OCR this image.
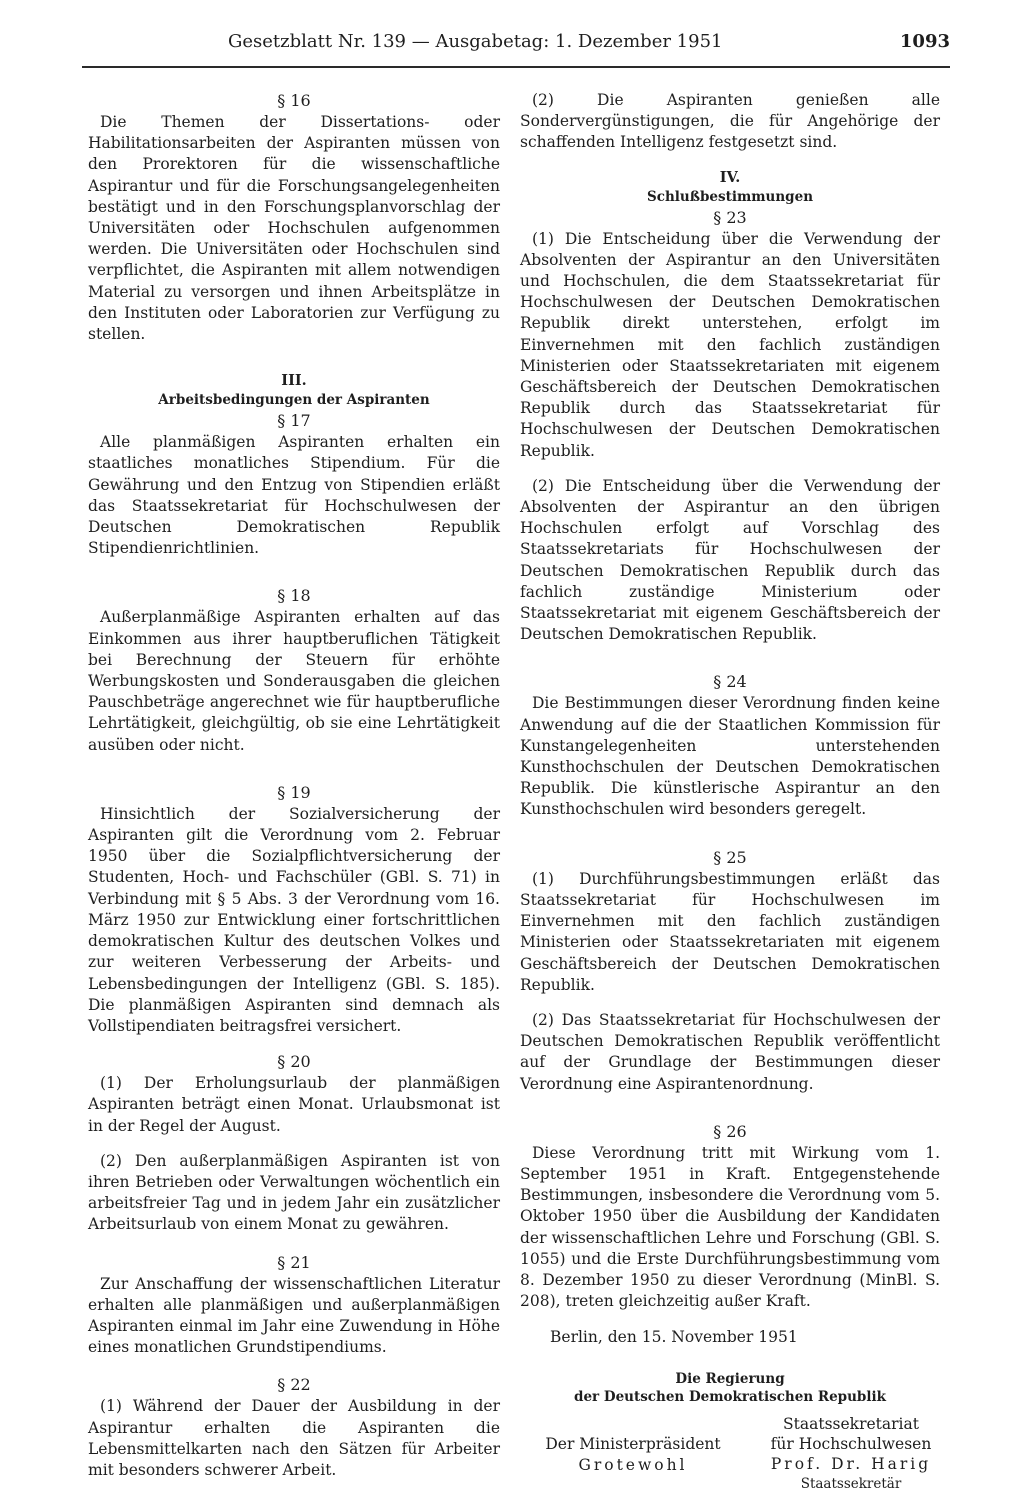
Gesetzblatt Nr. 139 — Ausgabetag: 1. Dezember 1951	1093

§ 16

Die Themen der Dissertations- oder Habilitationsarbeiten der Aspiranten müssen von den Prorektoren für die wissenschaftliche Aspirantur und für die Forschungsangelegenheiten bestätigt und in den Forschungsplanvorschlag der Universitäten oder Hochschulen aufgenommen werden. Die Universitäten oder Hochschulen sind verpflichtet, die Aspiranten mit allem notwendigen Material zu versorgen und ihnen Arbeitsplätze in den Instituten oder Laboratorien zur Verfügung zu stellen.

III.

Arbeitsbedingungen der Aspiranten

§ 17

Alle planmäßigen Aspiranten erhalten ein staatliches monatliches Stipendium. Für die Gewährung und den Entzug von Stipendien erläßt das Staatssekretariat für Hochschulwesen der Deutschen Demokratischen Republik Stipendienrichtlinien.

§ 18

Außerplanmäßige Aspiranten erhalten auf das Einkommen aus ihrer hauptberuflichen Tätigkeit bei Berechnung der Steuern für erhöhte Werbungskosten und Sonderausgaben die gleichen Pauschbeträge angerechnet wie für hauptberufliche Lehrtätigkeit, gleichgültig, ob sie eine Lehrtätigkeit ausüben oder nicht.

§ 19

Hinsichtlich der Sozialversicherung der Aspiranten gilt die Verordnung vom 2. Februar 1950 über die Sozialpflichtversicherung der Studenten, Hoch- und Fachschüler (GBl. S. 71) in Verbindung mit § 5 Abs. 3 der Verordnung vom 16. März 1950 zur Entwicklung einer fortschrittlichen demokratischen Kultur des deutschen Volkes und zur weiteren Verbesserung der Arbeits- und Lebensbedingungen der Intelligenz (GBl. S. 185). Die planmäßigen Aspiranten sind demnach als Vollstipendiaten beitragsfrei versichert.

§ 20

(1) Der Erholungsurlaub der planmäßigen Aspiranten beträgt einen Monat. Urlaubsmonat ist in der Regel der August.

(2) Den außerplanmäßigen Aspiranten ist von ihren Betrieben oder Verwaltungen wöchentlich ein arbeitsfreier Tag und in jedem Jahr ein zusätzlicher Arbeitsurlaub von einem Monat zu gewähren.

§ 21

Zur Anschaffung der wissenschaftlichen Literatur erhalten alle planmäßigen und außerplanmäßigen Aspiranten einmal im Jahr eine Zuwendung in Höhe eines monatlichen Grundstipendiums.

§ 22

(1) Während der Dauer der Ausbildung in der Aspirantur erhalten die Aspiranten die Lebensmittelkarten nach den Sätzen für Arbeiter mit besonders schwerer Arbeit.

(2) Die Aspiranten genießen alle Sondervergünstigungen, die für Angehörige der schaffenden Intelligenz festgesetzt sind.

IV.

Schlußbestimmungen

§ 23

(1) Die Entscheidung über die Verwendung der Absolventen der Aspirantur an den Universitäten und Hochschulen, die dem Staatssekretariat für Hochschulwesen der Deutschen Demokratischen Republik direkt unterstehen, erfolgt im Einvernehmen mit den fachlich zuständigen Ministerien oder Staatssekretariaten mit eigenem Geschäftsbereich der Deutschen Demokratischen Republik durch das Staatssekretariat für Hochschulwesen der Deutschen Demokratischen Republik.

(2) Die Entscheidung über die Verwendung der Absolventen der Aspirantur an den übrigen Hochschulen erfolgt auf Vorschlag des Staatssekretariats für Hochschulwesen der Deutschen Demokratischen Republik durch das fachlich zuständige Ministerium oder Staatssekretariat mit eigenem Geschäftsbereich der Deutschen Demokratischen Republik.

§ 24

Die Bestimmungen dieser Verordnung finden keine Anwendung auf die der Staatlichen Kommission für Kunstangelegenheiten unterstehenden Kunsthochschulen der Deutschen Demokratischen Republik. Die künstlerische Aspirantur an den Kunsthochschulen wird besonders geregelt.

§ 25

(1) Durchführungsbestimmungen erläßt das Staatssekretariat für Hochschulwesen im Einvernehmen mit den fachlich zuständigen Ministerien oder Staatssekretariaten mit eigenem Geschäftsbereich der Deutschen Demokratischen Republik.

(2) Das Staatssekretariat für Hochschulwesen der Deutschen Demokratischen Republik veröffentlicht auf der Grundlage der Bestimmungen dieser Verordnung eine Aspirantenordnung.

§ 26

Diese Verordnung tritt mit Wirkung vom 1. September 1951 in Kraft. Entgegenstehende Bestimmungen, insbesondere die Verordnung vom 5. Oktober 1950 über die Ausbildung der Kandidaten der wissenschaftlichen Lehre und Forschung (GBl. S. 1055) und die Erste Durchführungsbestimmung vom 8. Dezember 1950 zu dieser Verordnung (MinBl. S. 208), treten gleichzeitig außer Kraft.

Berlin, den 15. November 1951

Die Regierung
der Deutschen Demokratischen Republik
Der Ministerpräsident
Grotewohl
Staatssekretariat
für Hochschulwesen
Prof. Dr. Harig
Staatssekretär
